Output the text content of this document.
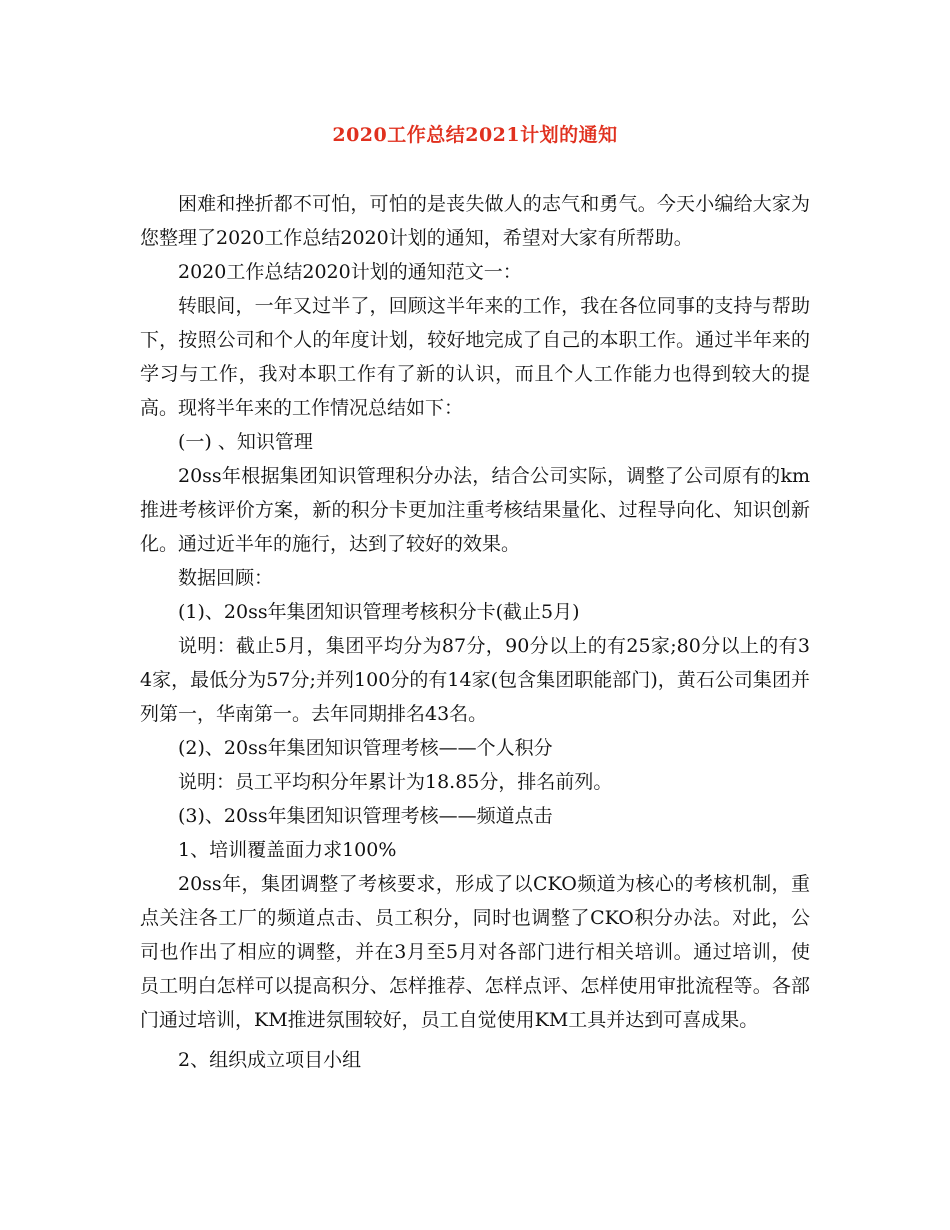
2020工作总结2021计划的通知

困难和挫折都不可怕，可怕的是丧失做人的志气和勇气。今天小编给大家为您整理了2020工作总结2020计划的通知，希望对大家有所帮助。

2020工作总结2020计划的通知范文一：

转眼间，一年又过半了，回顾这半年来的工作，我在各位同事的支持与帮助下，按照公司和个人的年度计划，较好地完成了自己的本职工作。通过半年来的学习与工作，我对本职工作有了新的认识，而且个人工作能力也得到较大的提高。现将半年来的工作情况总结如下：

(一) 、知识管理

20ss年根据集团知识管理积分办法，结合公司实际，调整了公司原有的km推进考核评价方案，新的积分卡更加注重考核结果量化、过程导向化、知识创新化。通过近半年的施行，达到了较好的效果。

数据回顾：

(1)、20ss年集团知识管理考核积分卡(截止5月)

说明：截止5月，集团平均分为87分，90分以上的有25家;80分以上的有34家，最低分为57分;并列100分的有14家(包含集团职能部门)，黄石公司集团并列第一，华南第一。去年同期排名43名。

(2)、20ss年集团知识管理考核——个人积分

说明：员工平均积分年累计为18.85分，排名前列。

(3)、20ss年集团知识管理考核——频道点击

1、培训覆盖面力求100%

20ss年，集团调整了考核要求，形成了以CKO频道为核心的考核机制，重点关注各工厂的频道点击、员工积分，同时也调整了CKO积分办法。对此，公司也作出了相应的调整，并在3月至5月对各部门进行相关培训。通过培训，使员工明白怎样可以提高积分、怎样推荐、怎样点评、怎样使用审批流程等。各部门通过培训，KM推进氛围较好，员工自觉使用KM工具并达到可喜成果。

2、组织成立项目小组
